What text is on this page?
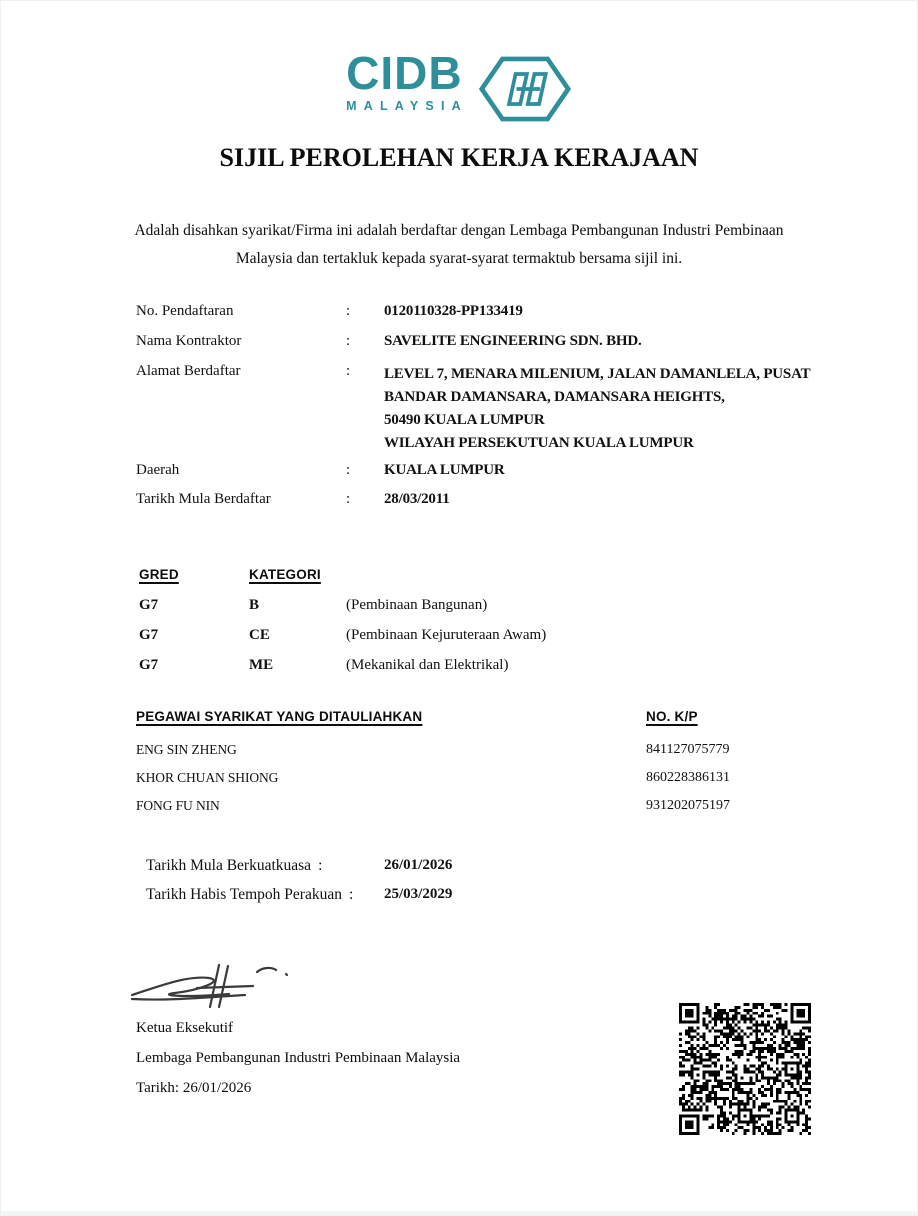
CIDB
MALAYSIA
SIJIL PEROLEHAN KERJA KERAJAAN
Adalah disahkan syarikat/Firma ini adalah berdaftar dengan Lembaga Pembangunan Industri Pembinaan
Malaysia dan tertakluk kepada syarat-syarat termaktub bersama sijil ini.
No. Pendaftaran	: 0120110328-PP133419
Nama Kontraktor	: SAVELITE ENGINEERING SDN. BHD.
Alamat Berdaftar	: LEVEL 7, MENARA MILENIUM, JALAN DAMANLELA, PUSAT
BANDAR DAMANSARA, DAMANSARA HEIGHTS,
50490 KUALA LUMPUR
WILAYAH PERSEKUTUAN KUALA LUMPUR
Daerah	: KUALA LUMPUR
Tarikh Mula Berdaftar	: 28/03/2011
GRED	KATEGORI
G7	B	(Pembinaan Bangunan)
G7	CE	(Pembinaan Kejuruteraan Awam)
G7	ME	(Mekanikal dan Elektrikal)
PEGAWAI SYARIKAT YANG DITAULIAHKAN	NO. K/P
ENG SIN ZHENG	841127075779
KHOR CHUAN SHIONG	860228386131
FONG FU NIN	931202075197
Tarikh Mula Berkuatkuasa :	26/01/2026
Tarikh Habis Tempoh Perakuan : 25/03/2029
Ketua Eksekutif
Lembaga Pembangunan Industri Pembinaan Malaysia
Tarikh: 26/01/2026
